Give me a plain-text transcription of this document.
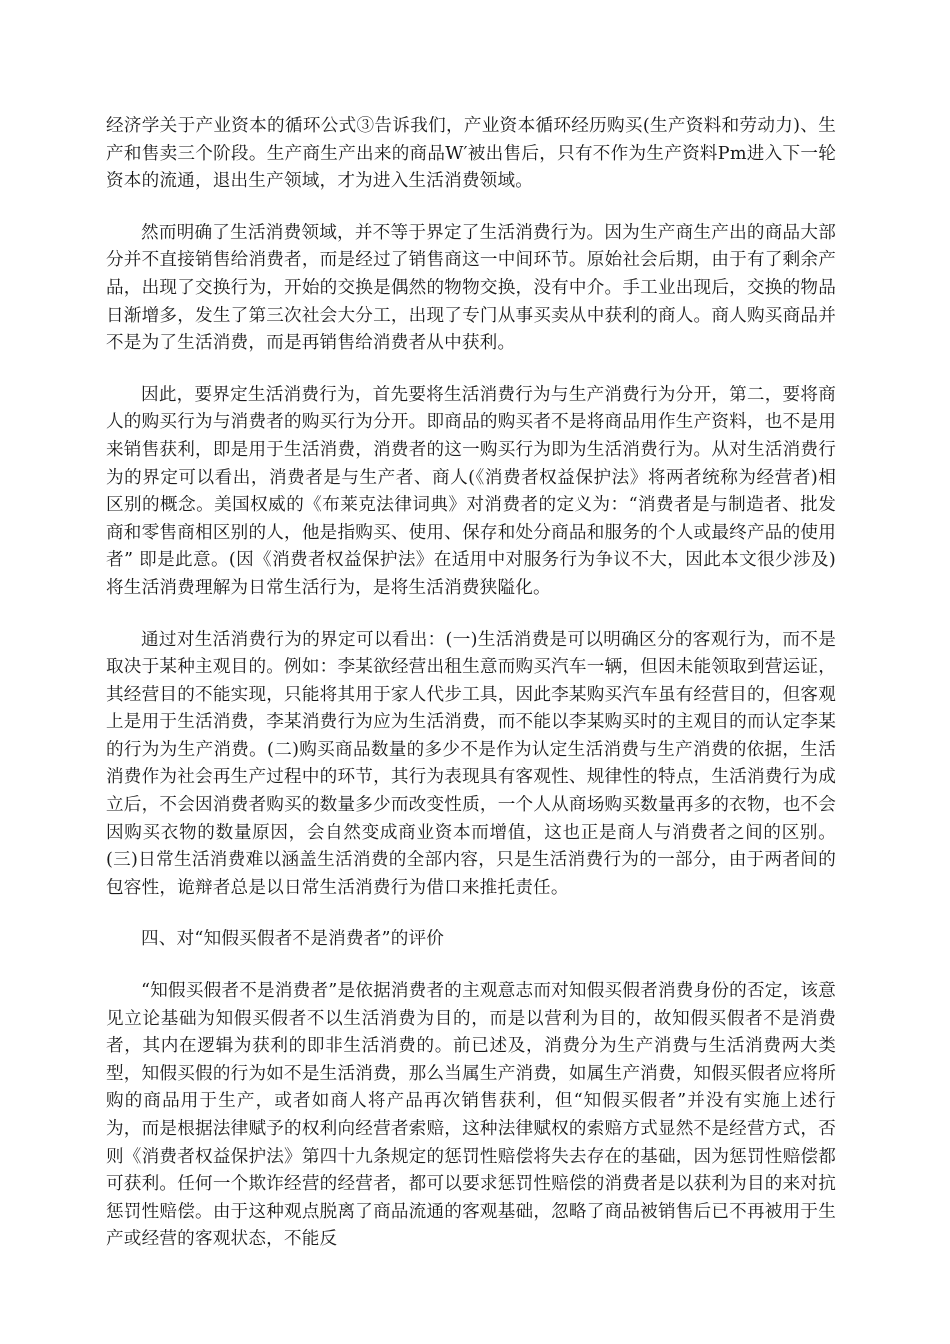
经济学关于产业资本的循环公式③告诉我们，产业资本循环经历购买(生产资料和劳动力)、生产和售卖三个阶段。生产商生产出来的商品W′被出售后，只有不作为生产资料Pm进入下一轮资本的流通，退出生产领域，才为进入生活消费领域。

然而明确了生活消费领域，并不等于界定了生活消费行为。因为生产商生产出的商品大部分并不直接销售给消费者，而是经过了销售商这一中间环节。原始社会后期，由于有了剩余产品，出现了交换行为，开始的交换是偶然的物物交换，没有中介。手工业出现后，交换的物品日渐增多，发生了第三次社会大分工，出现了专门从事买卖从中获利的商人。商人购买商品并不是为了生活消费，而是再销售给消费者从中获利。

因此，要界定生活消费行为，首先要将生活消费行为与生产消费行为分开，第二，要将商人的购买行为与消费者的购买行为分开。即商品的购买者不是将商品用作生产资料，也不是用来销售获利，即是用于生活消费，消费者的这一购买行为即为生活消费行为。从对生活消费行为的界定可以看出，消费者是与生产者、商人(《消费者权益保护法》将两者统称为经营者)相区别的概念。美国权威的《布莱克法律词典》对消费者的定义为：“消费者是与制造者、批发商和零售商相区别的人，他是指购买、使用、保存和处分商品和服务的个人或最终产品的使用者” 即是此意。(因《消费者权益保护法》在适用中对服务行为争议不大，因此本文很少涉及)将生活消费理解为日常生活行为，是将生活消费狭隘化。

通过对生活消费行为的界定可以看出：(一)生活消费是可以明确区分的客观行为，而不是取决于某种主观目的。例如：李某欲经营出租生意而购买汽车一辆，但因未能领取到营运证，其经营目的不能实现，只能将其用于家人代步工具，因此李某购买汽车虽有经营目的，但客观上是用于生活消费，李某消费行为应为生活消费，而不能以李某购买时的主观目的而认定李某的行为为生产消费。(二)购买商品数量的多少不是作为认定生活消费与生产消费的依据，生活消费作为社会再生产过程中的环节，其行为表现具有客观性、规律性的特点，生活消费行为成立后，不会因消费者购买的数量多少而改变性质，一个人从商场购买数量再多的衣物，也不会因购买衣物的数量原因，会自然变成商业资本而增值，这也正是商人与消费者之间的区别。(三)日常生活消费难以涵盖生活消费的全部内容，只是生活消费行为的一部分，由于两者间的包容性，诡辩者总是以日常生活消费行为借口来推托责任。

四、对“知假买假者不是消费者”的评价

“知假买假者不是消费者”是依据消费者的主观意志而对知假买假者消费身份的否定，该意见立论基础为知假买假者不以生活消费为目的，而是以营利为目的，故知假买假者不是消费者，其内在逻辑为获利的即非生活消费的。前已述及，消费分为生产消费与生活消费两大类型，知假买假的行为如不是生活消费，那么当属生产消费，如属生产消费，知假买假者应将所购的商品用于生产，或者如商人将产品再次销售获利，但“知假买假者”并没有实施上述行为，而是根据法律赋予的权利向经营者索赔，这种法律赋权的索赔方式显然不是经营方式，否则《消费者权益保护法》第四十九条规定的惩罚性赔偿将失去存在的基础，因为惩罚性赔偿都可获利。任何一个欺诈经营的经营者，都可以要求惩罚性赔偿的消费者是以获利为目的来对抗惩罚性赔偿。由于这种观点脱离了商品流通的客观基础，忽略了商品被销售后已不再被用于生产或经营的客观状态，不能反
